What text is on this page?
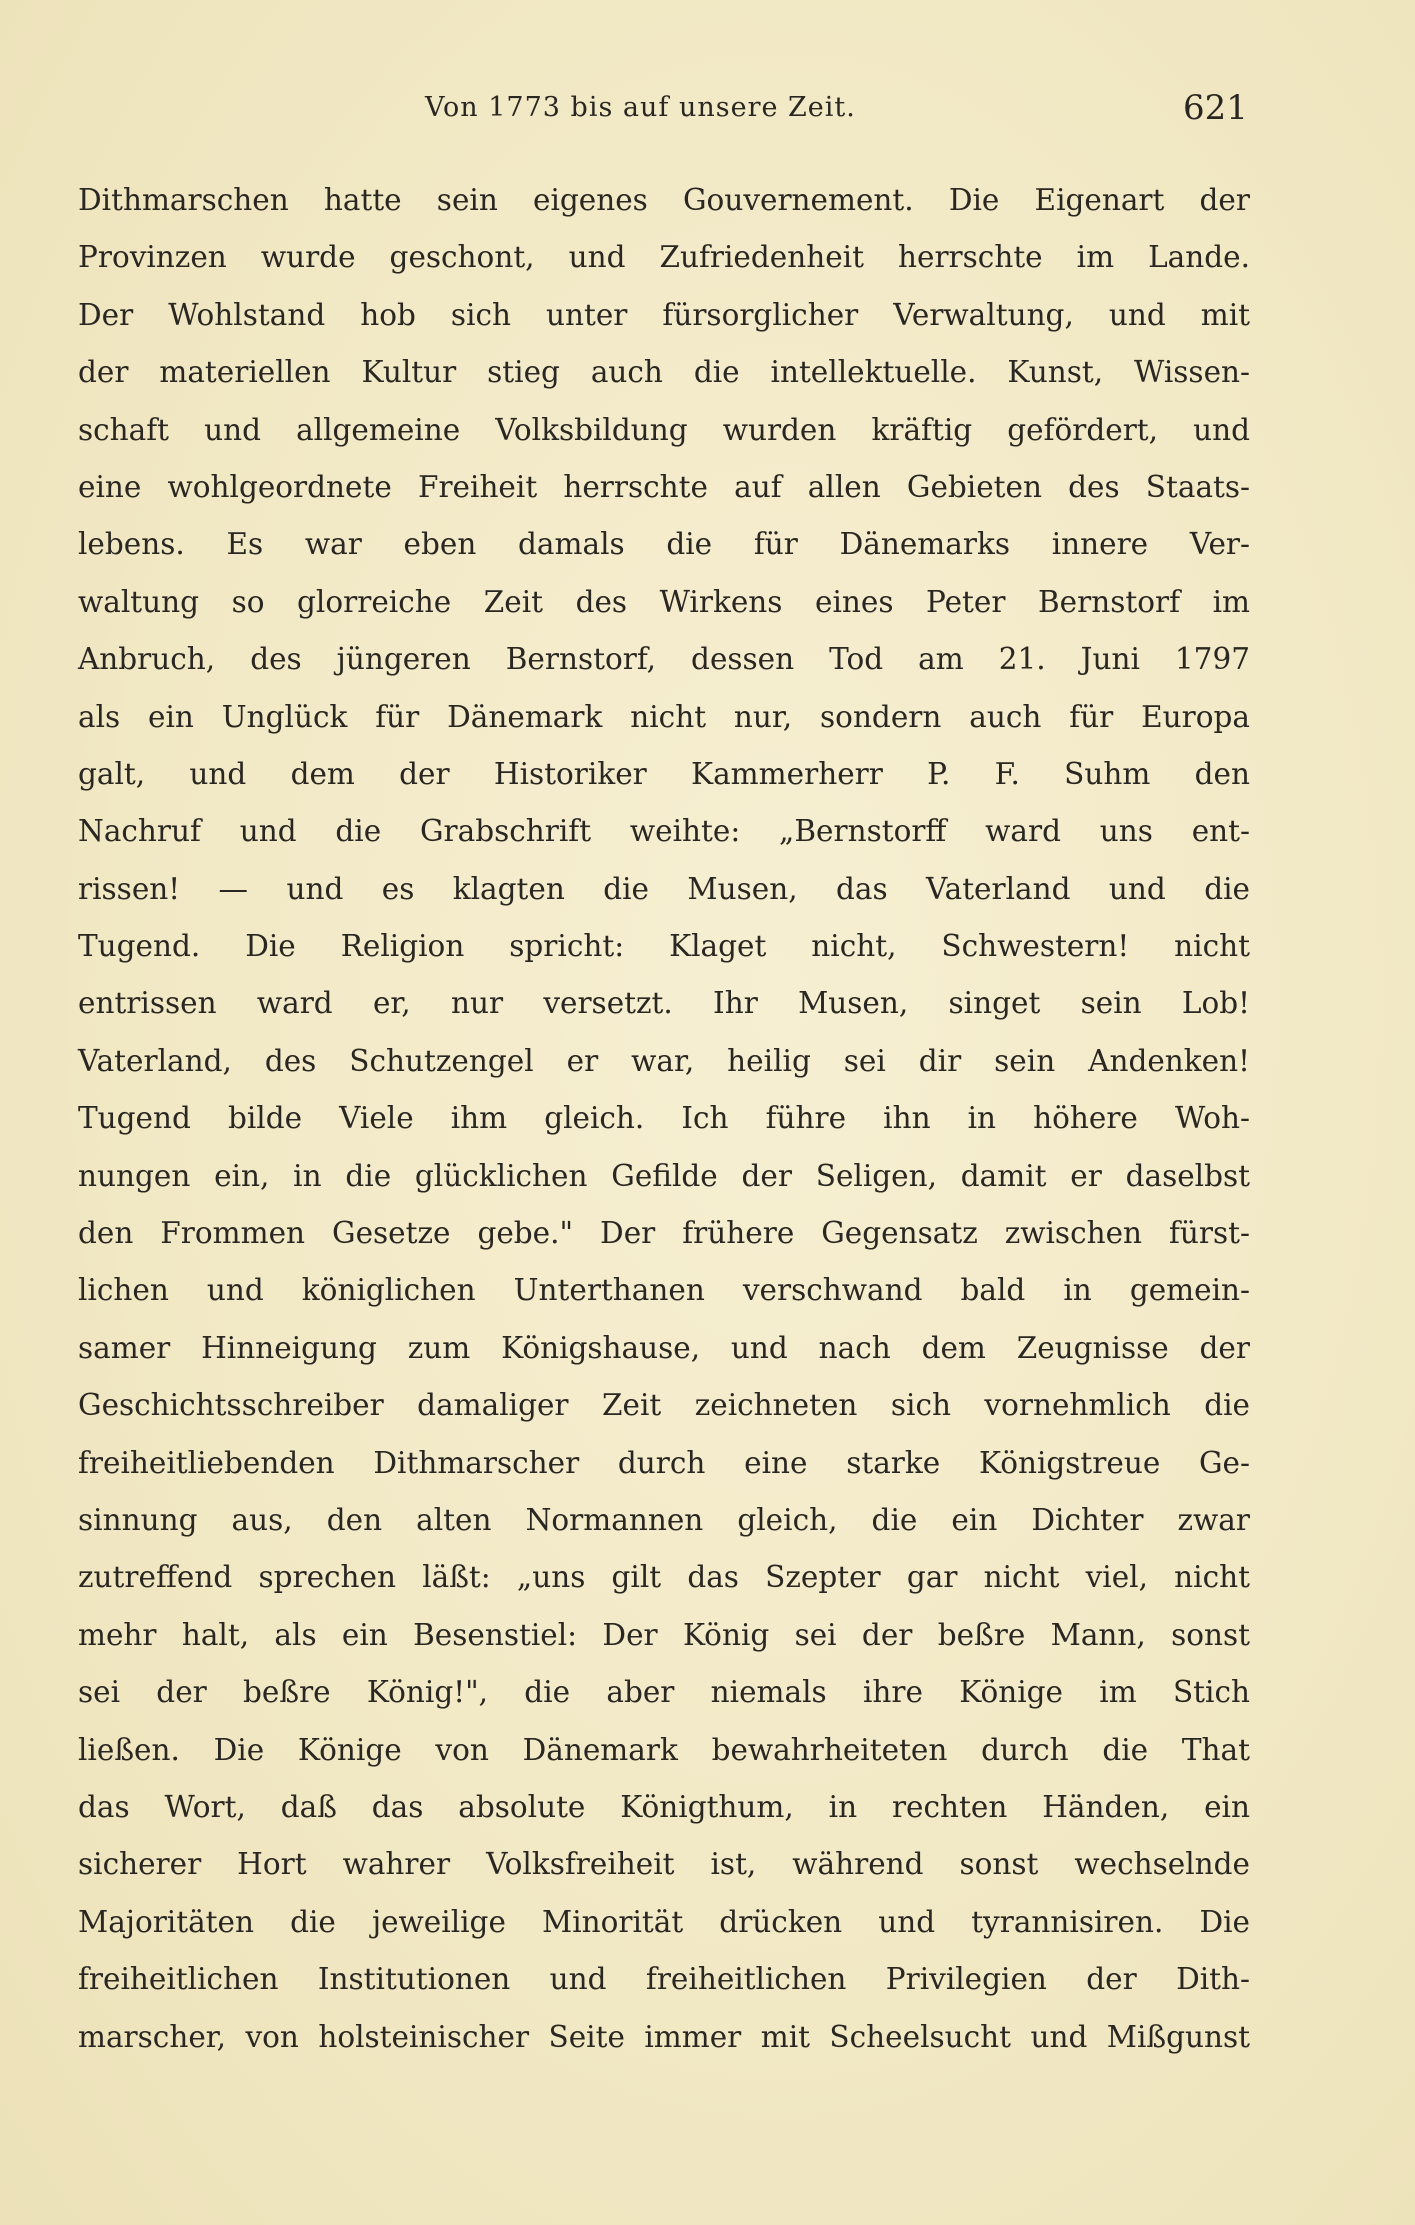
Von 1773 bis auf unsere Zeit.	621
Dithmarschen hatte sein eigenes Gouvernement. Die Eigenart der
Provinzen wurde geschont, und Zufriedenheit herrschte im Lande.
Der Wohlstand hob sich unter fürsorglicher Verwaltung, und mit
der materiellen Kultur stieg auch die intellektuelle. Kunst, Wissen-
schaft und allgemeine Volksbildung wurden kräftig gefördert, und
eine wohlgeordnete Freiheit herrschte auf allen Gebieten des Staats-
lebens. Es war eben damals die für Dänemarks innere Ver-
waltung so glorreiche Zeit des Wirkens eines Peter Bernstorf im
Anbruch, des jüngeren Bernstorf, dessen Tod am 21. Juni 1797
als ein Unglück für Dänemark nicht nur, sondern auch für Europa
galt, und dem der Historiker Kammerherr P. F. Suhm den
Nachruf und die Grabschrift weihte: „Bernstorff ward uns ent-
rissen! — und es klagten die Musen, das Vaterland und die
Tugend. Die Religion spricht: Klaget nicht, Schwestern! nicht
entrissen ward er, nur versetzt. Ihr Musen, singet sein Lob!
Vaterland, des Schutzengel er war, heilig sei dir sein Andenken!
Tugend bilde Viele ihm gleich. Ich führe ihn in höhere Woh-
nungen ein, in die glücklichen Gefilde der Seligen, damit er daselbst
den Frommen Gesetze gebe." Der frühere Gegensatz zwischen fürst-
lichen und königlichen Unterthanen verschwand bald in gemein-
samer Hinneigung zum Königshause, und nach dem Zeugnisse der
Geschichtsschreiber damaliger Zeit zeichneten sich vornehmlich die
freiheitliebenden Dithmarscher durch eine starke Königstreue Ge-
sinnung aus, den alten Normannen gleich, die ein Dichter zwar
zutreffend sprechen läßt: „uns gilt das Szepter gar nicht viel, nicht
mehr halt, als ein Besenstiel: Der König sei der beßre Mann, sonst
sei der beßre König!", die aber niemals ihre Könige im Stich
ließen. Die Könige von Dänemark bewahrheiteten durch die That
das Wort, daß das absolute Königthum, in rechten Händen, ein
sicherer Hort wahrer Volksfreiheit ist, während sonst wechselnde
Majoritäten die jeweilige Minorität drücken und tyrannisiren. Die
freiheitlichen Institutionen und freiheitlichen Privilegien der Dith-
marscher, von holsteinischer Seite immer mit Scheelsucht und Mißgunst
